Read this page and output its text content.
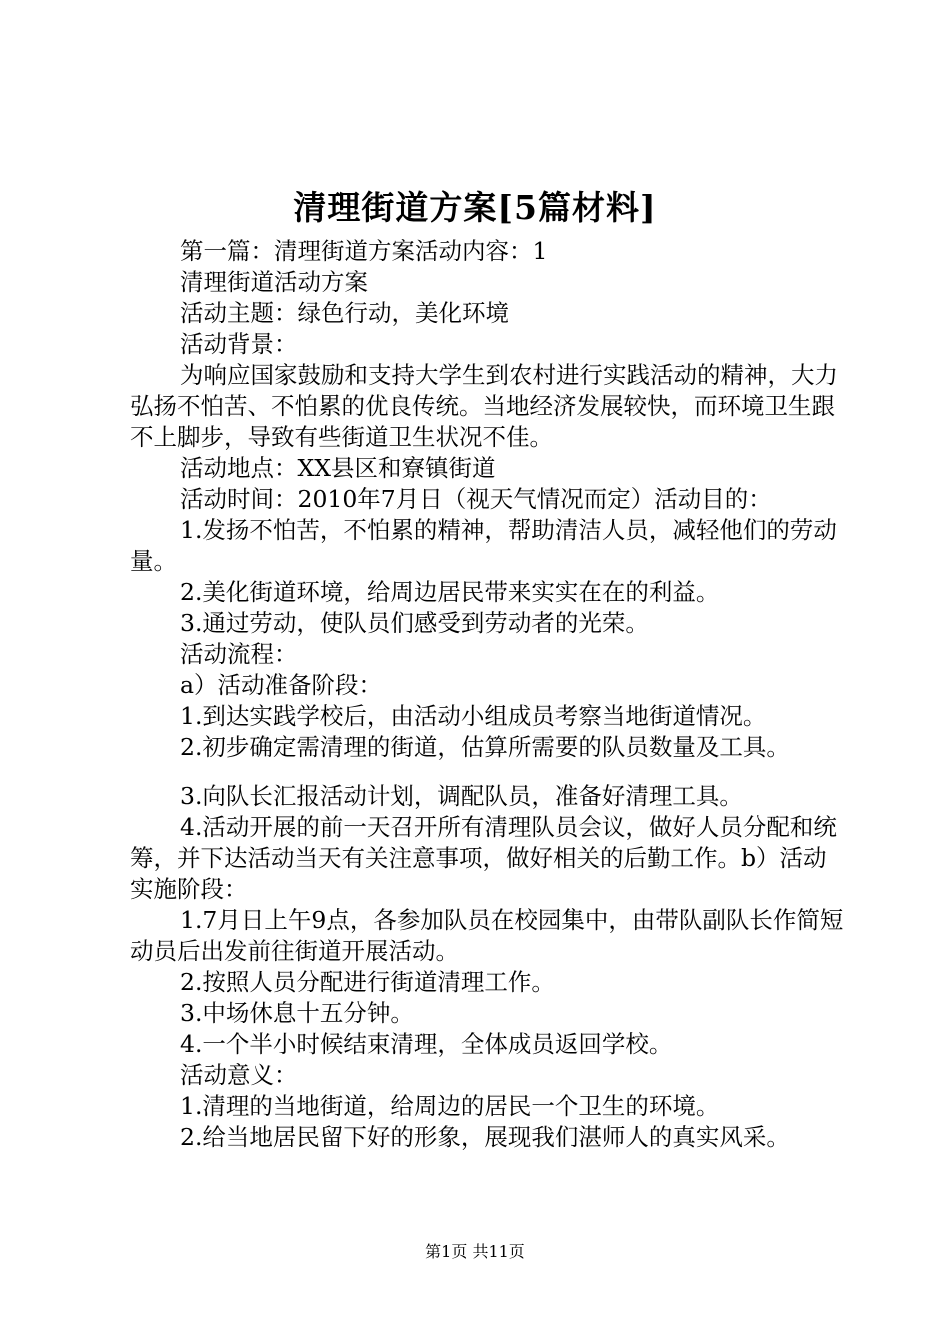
清理街道方案[5篇材料]

第一篇：清理街道方案活动内容：1

清理街道活动方案

活动主题：绿色行动，美化环境

活动背景：

为响应国家鼓励和支持大学生到农村进行实践活动的精神，大力弘扬不怕苦、不怕累的优良传统。当地经济发展较快，而环境卫生跟不上脚步，导致有些街道卫生状况不佳。

活动地点：XX县区和寮镇街道

活动时间：2010年7月日（视天气情况而定）活动目的：

1.发扬不怕苦，不怕累的精神，帮助清洁人员，减轻他们的劳动量。

2.美化街道环境，给周边居民带来实实在在的利益。

3.通过劳动，使队员们感受到劳动者的光荣。

活动流程：

a）活动准备阶段：

1.到达实践学校后，由活动小组成员考察当地街道情况。

2.初步确定需清理的街道，估算所需要的队员数量及工具。

3.向队长汇报活动计划，调配队员，准备好清理工具。

4.活动开展的前一天召开所有清理队员会议，做好人员分配和统筹，并下达活动当天有关注意事项，做好相关的后勤工作。b）活动实施阶段：

1.7月日上午9点，各参加队员在校园集中，由带队副队长作简短动员后出发前往街道开展活动。

2.按照人员分配进行街道清理工作。

3.中场休息十五分钟。

4.一个半小时候结束清理，全体成员返回学校。

活动意义：

1.清理的当地街道，给周边的居民一个卫生的环境。

2.给当地居民留下好的形象，展现我们湛师人的真实风采。

第1页 共11页
